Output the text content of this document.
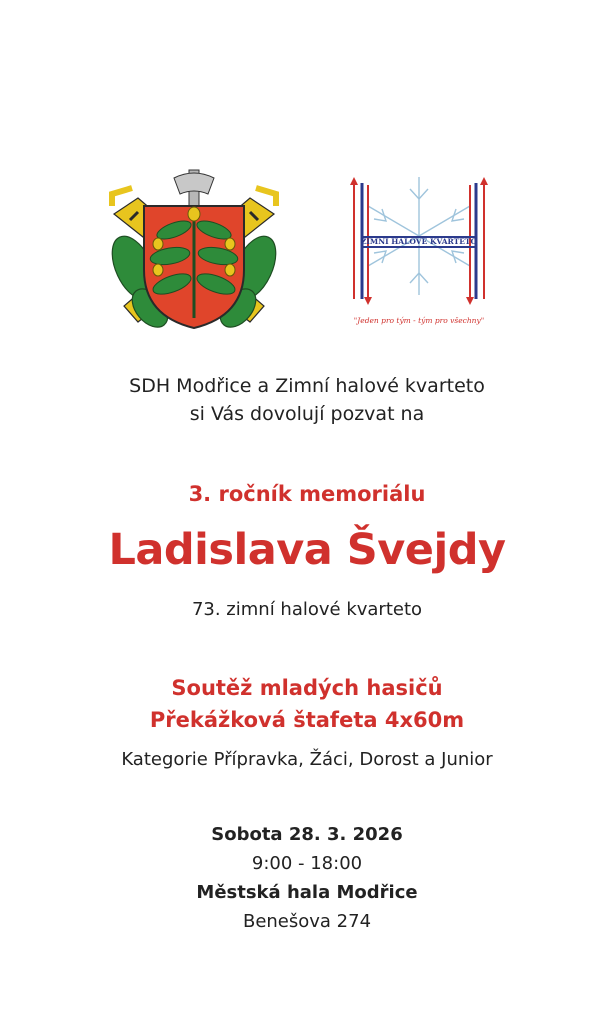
ZIMNÍ HALOVÉ KVARTETO
"Jeden pro tým - tým pro všechny"
SDH Modřice a Zimní halové kvarteto
si Vás dovolují pozvat na
3. ročník memoriálu
Ladislava Švejdy
73. zimní halové kvarteto
Soutěž mladých hasičů
Překážková štafeta 4x60m
Kategorie Přípravka, Žáci, Dorost a Junior
Sobota 28. 3. 2026
9:00 - 18:00
Městská hala Modřice
Benešova 274
